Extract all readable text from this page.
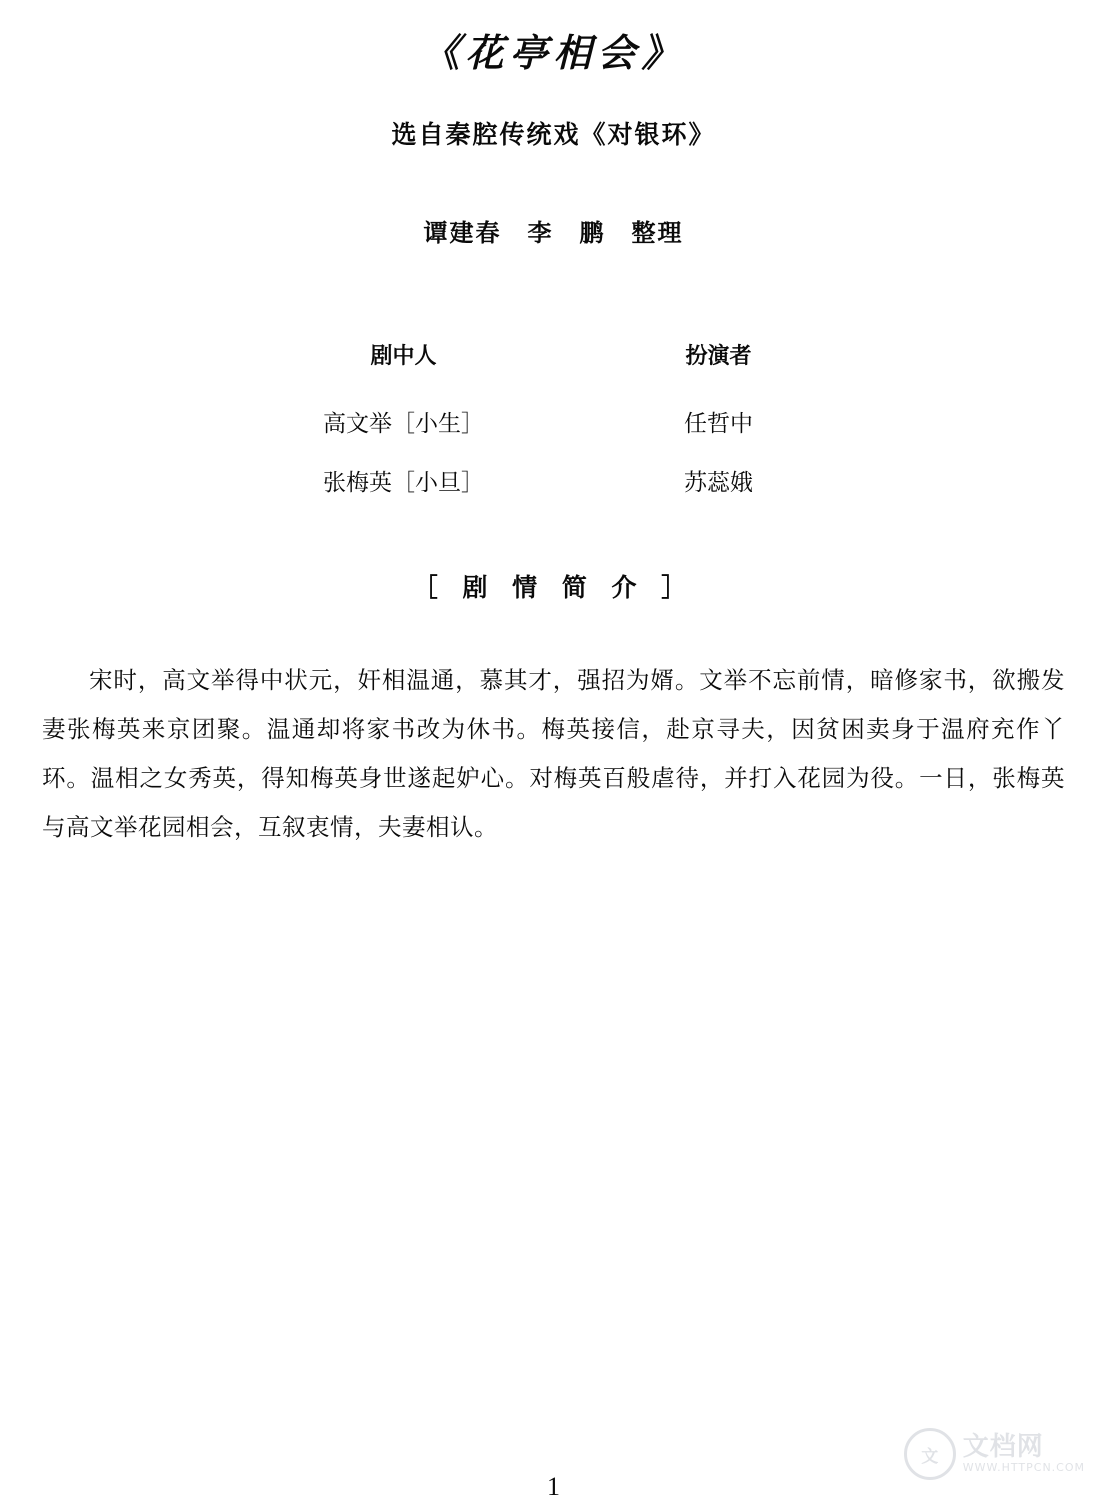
《花亭相会》
选自秦腔传统戏《对银环》
谭建春　李　鹏　整理
剧中人	扮演者
高文举［小生］	任哲中
张梅英［小旦］	苏蕊娥
［ 剧 情 简 介 ］

宋时，高文举得中状元，奸相温通，慕其才，强招为婿。文举不忘前情，暗修家书，欲搬发妻张梅英来京团聚。温通却将家书改为休书。梅英接信，赴京寻夫，因贫困卖身于温府充作丫环。温相之女秀英，得知梅英身世遂起妒心。对梅英百般虐待，并打入花园为役。一日，张梅英与高文举花园相会，互叙衷情，夫妻相认。

1
文 文档网
WWW.HTTPCN.COM
